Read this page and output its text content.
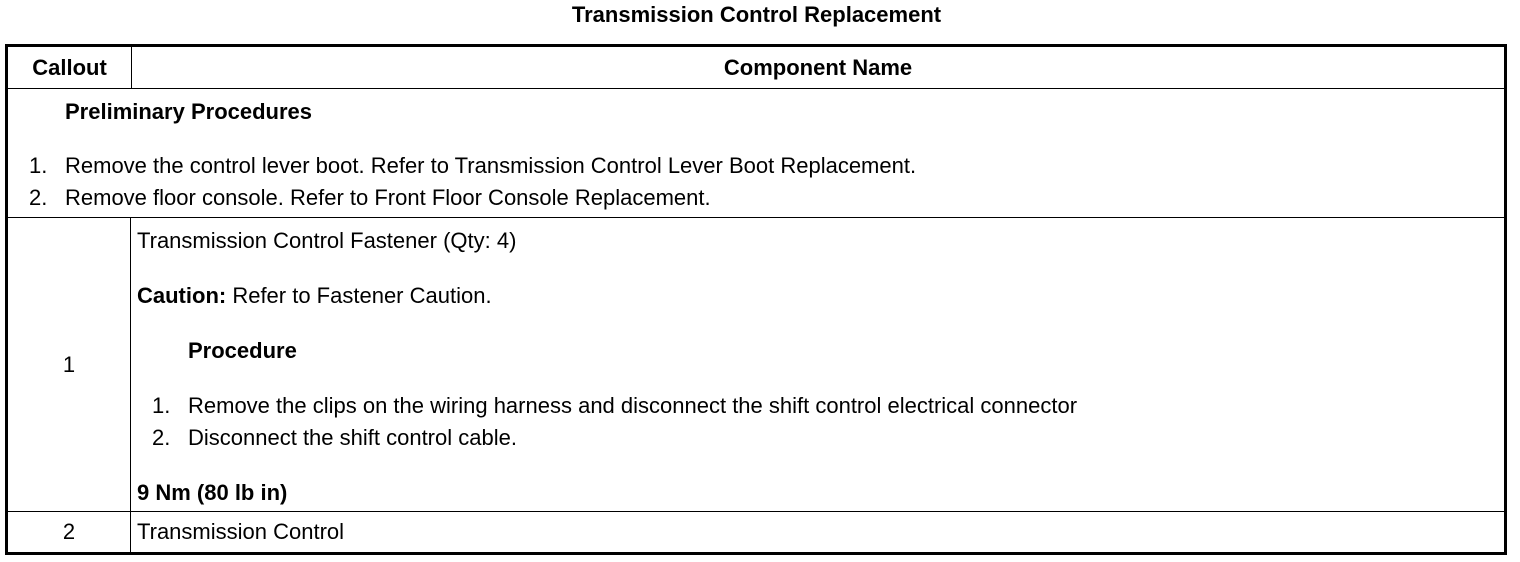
Transmission Control Replacement
Callout	Component Name
Preliminary Procedures
1. Remove the control lever boot. Refer to Transmission Control Lever Boot Replacement.
2. Remove floor console. Refer to Front Floor Console Replacement.
1
Transmission Control Fastener (Qty: 4)
Caution: Refer to Fastener Caution.
Procedure
1. Remove the clips on the wiring harness and disconnect the shift control electrical connector
2. Disconnect the shift control cable.
9 Nm (80 lb in)
2	Transmission Control
